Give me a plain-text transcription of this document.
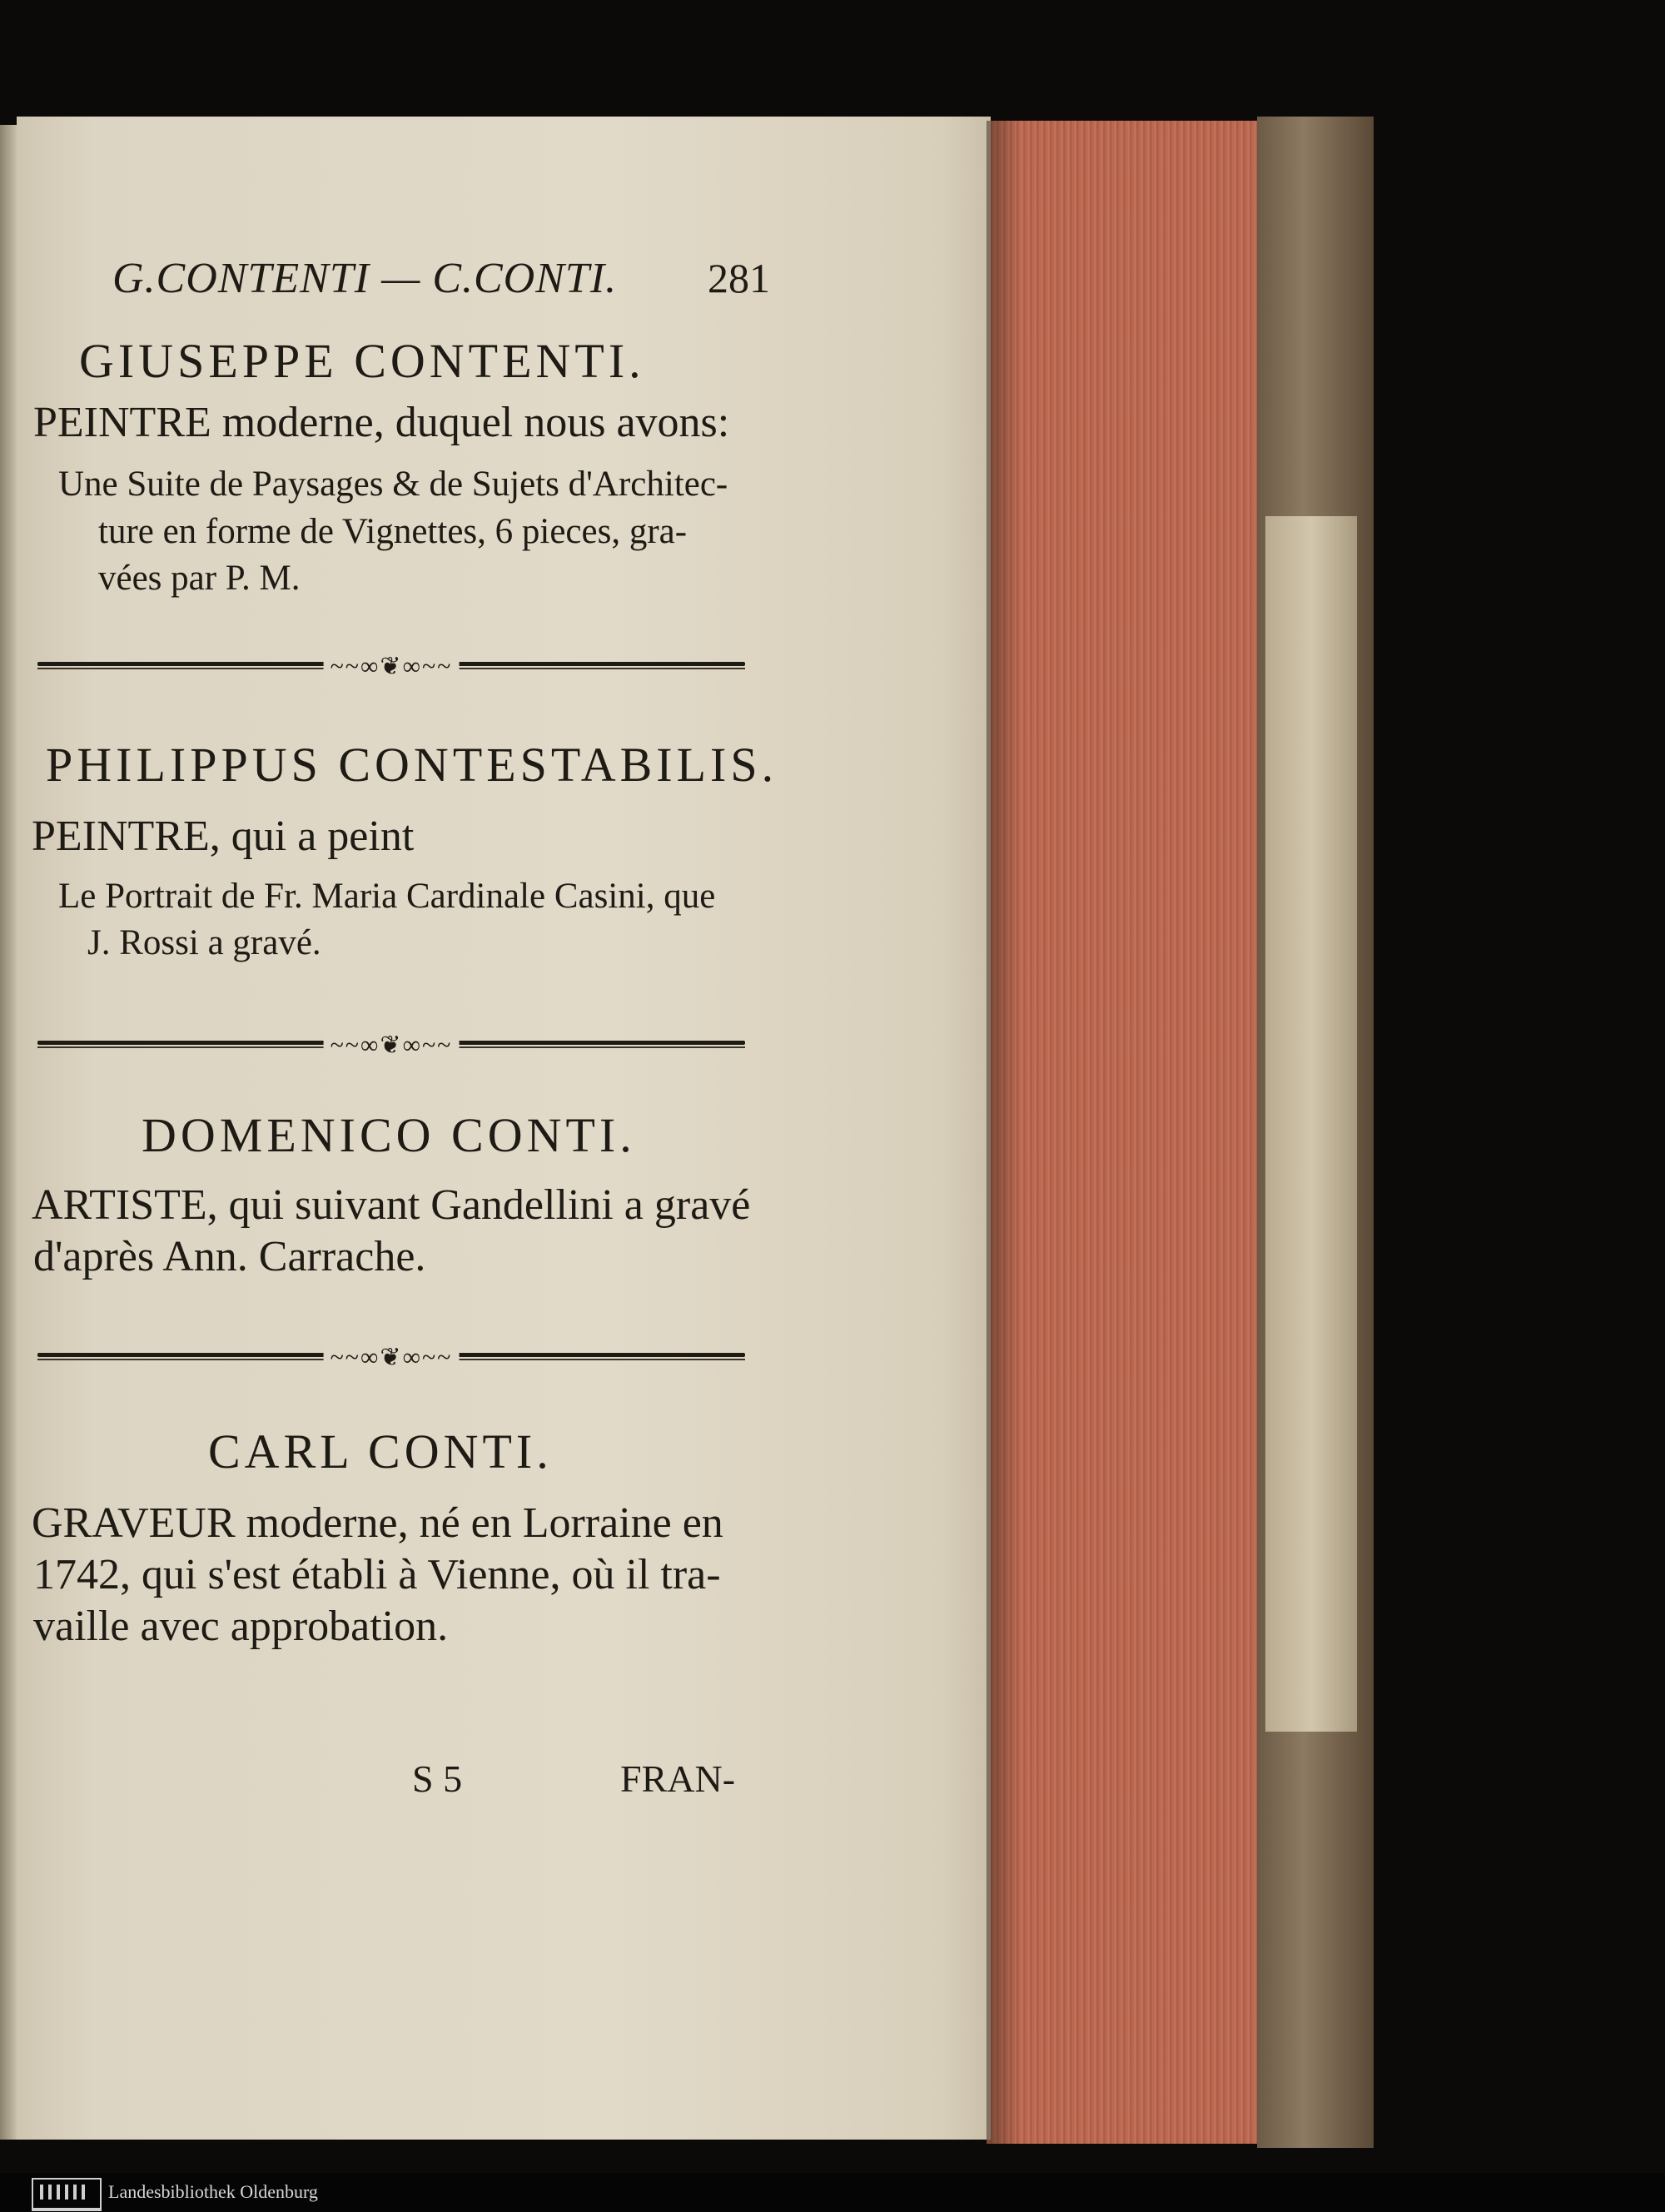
G.CONTENTI — C.CONTI. 281
GIUSEPPE CONTENTI.
PEINTRE moderne, duquel nous avons:
Une Suite de Paysages & de Sujets d'Architec-
ture en forme de Vignettes, 6 pieces, gra-
vées par P. M.
~~∞❦∞~~
PHILIPPUS CONTESTABILIS.
PEINTRE, qui a peint
Le Portrait de Fr. Maria Cardinale Casini, que
J. Rossi a gravé.
~~∞❦∞~~
DOMENICO CONTI.
ARTISTE, qui suivant Gandellini a gravé
d'après Ann. Carrache.
~~∞❦∞~~
CARL CONTI.
GRAVEUR moderne, né en Lorraine en
1742, qui s'est établi à Vienne, où il tra-
vaille avec approbation.
S 5	FRAN-
Landesbibliothek Oldenburg
